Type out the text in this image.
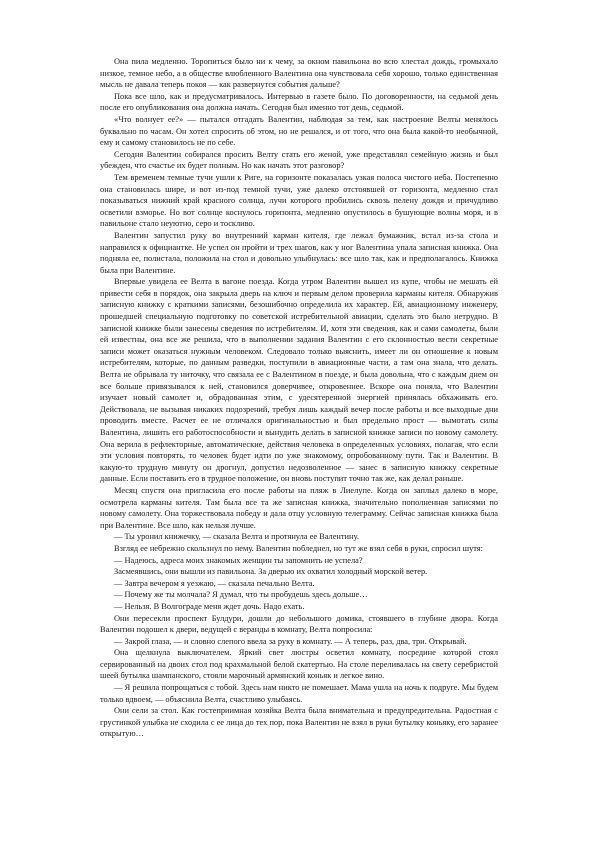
Она пила медленно. Торопиться было ни к чему, за окном павильона во всю хлестал дождь, громыхало низкое, темное небо, а в обществе влюбленного Валентина она чувствовала себя хорошо, только единственная мысль не давала теперь покоя — как развернутся события дальше?

Пока все шло, как и предусматривалось. Интервью в газете было. По договоренности, на седьмой день после его опубликования она должна начать. Сегодня был именно тот день, седьмой.

«Что волнует ее?» — пытался отгадать Валентин, наблюдая за тем, как настроение Велты менялось буквально по часам. Он хотел спросить об этом, но не решался, и от того, что она была какой-то необычной, ему и самому становилось не по себе.

Сегодня Валентин собирался просить Велту стать его женой, уже представлял семейную жизнь и был убежден, что счастье их будет полным. Но как начать этот разговор?

Тем временем темные тучи ушли к Риге, на горизонте показалась узкая полоса чистого неба. Постепенно она становилась шире, и вот из-под темной тучи, уже далеко отстоявшей от горизонта, медленно стал показываться нижний край красного солнца, лучи которого пробились сквозь пелену дождя и причудливо осветили взморье. Но вот солнце коснулось горизонта, медленно опустилось в бушующие волны моря, и в павильоне стало неуютно, серо и тоскливо.

Валентин запустил руку во внутренний карман кителя, где лежал бумажник, встал из-за стола и направился к официантке. Не успел он пройти и трех шагов, как у ног Валентина упала записная книжка. Она подняла ее, полистала, положила на стол и довольно улыбнулась: все шло так, как и предполагалось. Книжка была при Валентине.

Впервые увидела ее Велта в вагоне поезда. Когда утром Валентин вышел из купе, чтобы не мешать ей привести себя в порядок, она закрыла дверь на ключ и первым делом проверила карманы кителя. Обнаружив записную книжку с краткими записями, безошибочно определила их характер. Ей, авиационному инженеру, прошедшей специальную подготовку по советской истребительной авиации, сделать это было нетрудно. В записной книжке были занесены сведения по истребителям. И, хотя эти сведения, как и сами самолеты, были ей известны, она все же решила, что в выполнении задания Валентин с его склонностью вести секретные записи может оказаться нужным человеком. Следовало только выяснить, имеет ли он отношение к новым истребителям, которые, по данным разведки, поступили в авиационные части, а там она знала, что делать. Велта не обрывала ту ниточку, что связала ее с Валентином в поезде, и была довольна, что с каждым днем он все больше привязывался к ней, становился доверчивее, откровеннее. Вскоре она поняла, что Валентин изучает новый самолет и, обрадованная этим, с удесятеренной энергией принялась обхаживать его. Действовала, не вызывая никаких подозрений, требуя лишь каждый вечер после работы и все выходные дни проводить вместе. Расчет ее не отличался оригинальностью и был предельно прост — вымотать силы Валентина, лишить его работоспособности и вынудить делать в записной книжке записи по новому самолету. Она верила в рефлекторные, автоматические, действия человека в определенных условиях, полагая, что если эти условия повторять, то человек будет идти по уже знакомому, опробованному пути. Так и Валентин. В какую-то трудную минуту он дрогнул, допустил недозволенное — занес в записную книжку секретные данные. Если поставить его в трудное положение, он вновь поступит точно так же, как делал раньше.

Месяц спустя она пригласила его после работы на пляж в Лиелупе. Когда он заплыл далеко в море, осмотрела карманы кителя. Там была все та же записная книжка, значительно пополненная записями по новому самолету. Она торжествовала победу и дала отцу условную телеграмму. Сейчас записная книжка была при Валентине. Все шло, как нельзя лучше.

— Ты уронил книжечку, — сказала Велта и протянула ее Валентину.

Взгляд ее небрежно скользнул по нему. Валентин побледнел, но тут же взял себя в руки, спросил шутя:

— Надеюсь, адреса моих знакомых женщин ты запомнить не успела?

Засмеявшись, они вышли из павильона. За дверью их охватил холодный морской ветер.

— Завтра вечером я уезжаю, — сказала печально Велта.

— Почему же ты молчала? Я думал, что ты пробудешь здесь дольше…

— Нельзя. В Волгограде меня ждет дочь. Надо ехать.

Они пересекли проспект Булдури, дошли до небольшого домика, стоявшего в глубине двора. Когда Валентин подошел к двери, ведущей с веранды в комнату, Велта попросила:

— Закрой глаза, — и словно слепого ввела за руку в комнату. — А теперь, раз, два, три. Открывай.

Она щелкнула выключателем. Яркий свет люстры осветил комнату, посредине которой стоял сервированный на двоих стол под крахмальной белой скатертью. На столе переливалась на свету серебристой шеей бутылка шампанского, стояли марочный армянский коньяк и легкое вино.

— Я решила попрощаться с тобой. Здесь нам никто не помешает. Мама ушла на ночь к подруге. Мы будем только вдвоем, — объяснила Велта, счастливо улыбаясь.

Они сели за стол. Как гостеприимная хозяйка Велта была внимательна и предупредительна. Радостная с грустинкой улыбка не сходила с ее лица до тех пор, пока Валентин не взял в руки бутылку коньяку, его заранее открытую…
